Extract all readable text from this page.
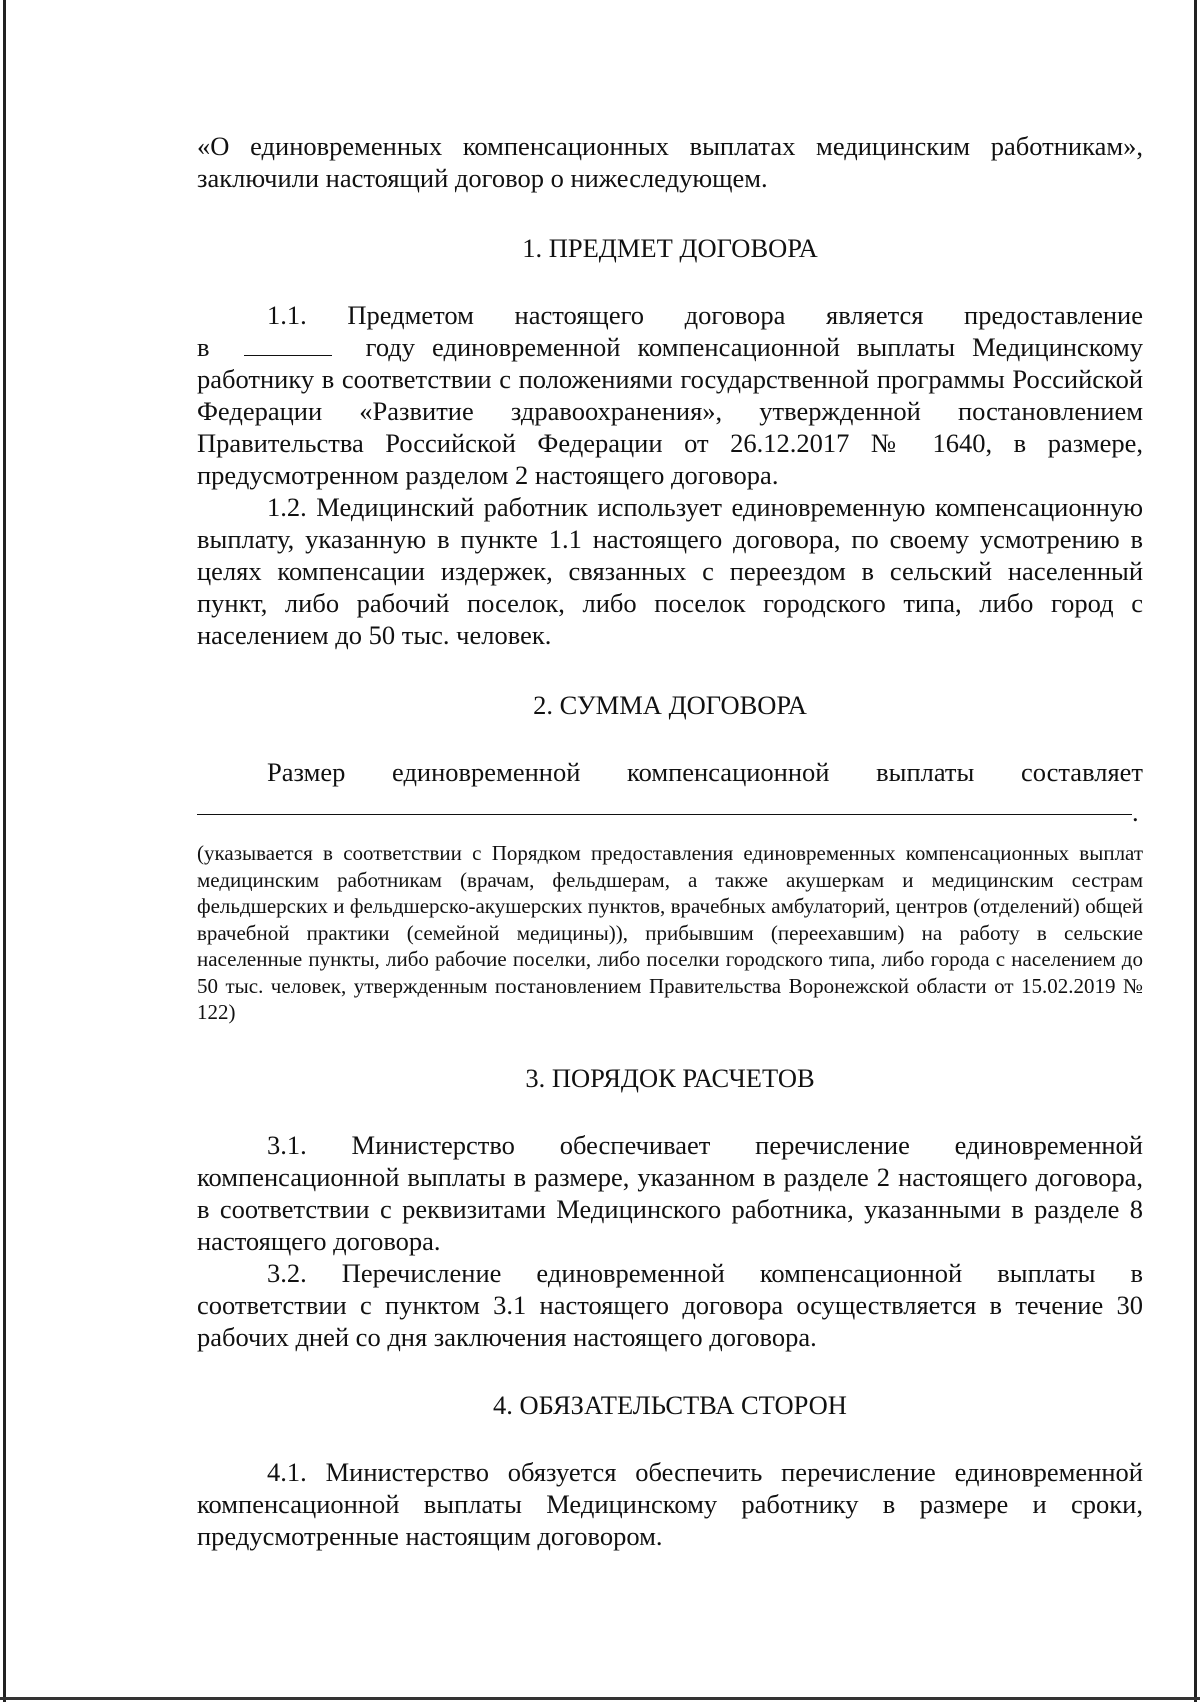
«О единовременных компенсационных выплатах медицинским работникам»,

заключили настоящий договор о нижеследующем.

1. ПРЕДМЕТ ДОГОВОРА

1.1. Предметом настоящего договора является предоставление

в	году единовременной компенсационной выплаты Медицинскому работнику в соответствии с положениями государственной программы Российской Федерации «Развитие здравоохранения», утвержденной постановлением Правительства Российской Федерации от 26.12.2017 № 1640, в размере, предусмотренном разделом 2 настоящего договора.

1.2. Медицинский работник использует единовременную компенсационную выплату, указанную в пункте 1.1 настоящего договора, по своему усмотрению в целях компенсации издержек, связанных с переездом в сельский населенный пункт, либо рабочий поселок, либо поселок городского типа, либо город с населением до 50 тыс. человек.

2. СУММА ДОГОВОРА

Размер единовременной компенсационной выплаты составляет

.

(указывается в соответствии с Порядком предоставления единовременных компенсационных выплат медицинским работникам (врачам, фельдшерам, а также акушеркам и медицинским сестрам фельдшерских и фельдшерско-акушерских пунктов, врачебных амбулаторий, центров (отделений) общей врачебной практики (семейной медицины)), прибывшим (переехавшим) на работу в сельские населенные пункты, либо рабочие поселки, либо поселки городского типа, либо города с населением до 50 тыс. человек, утвержденным постановлением Правительства Воронежской области от 15.02.2019 № 122)

3. ПОРЯДОК РАСЧЕТОВ

3.1. Министерство обеспечивает перечисление единовременной компенсационной выплаты в размере, указанном в разделе 2 настоящего договора, в соответствии с реквизитами Медицинского работника, указанными в разделе 8 настоящего договора.

3.2. Перечисление единовременной компенсационной выплаты в соответствии с пунктом 3.1 настоящего договора осуществляется в течение 30 рабочих дней со дня заключения настоящего договора.

4. ОБЯЗАТЕЛЬСТВА СТОРОН

4.1. Министерство обязуется обеспечить перечисление единовременной компенсационной выплаты Медицинскому работнику в размере и сроки, предусмотренные настоящим договором.
